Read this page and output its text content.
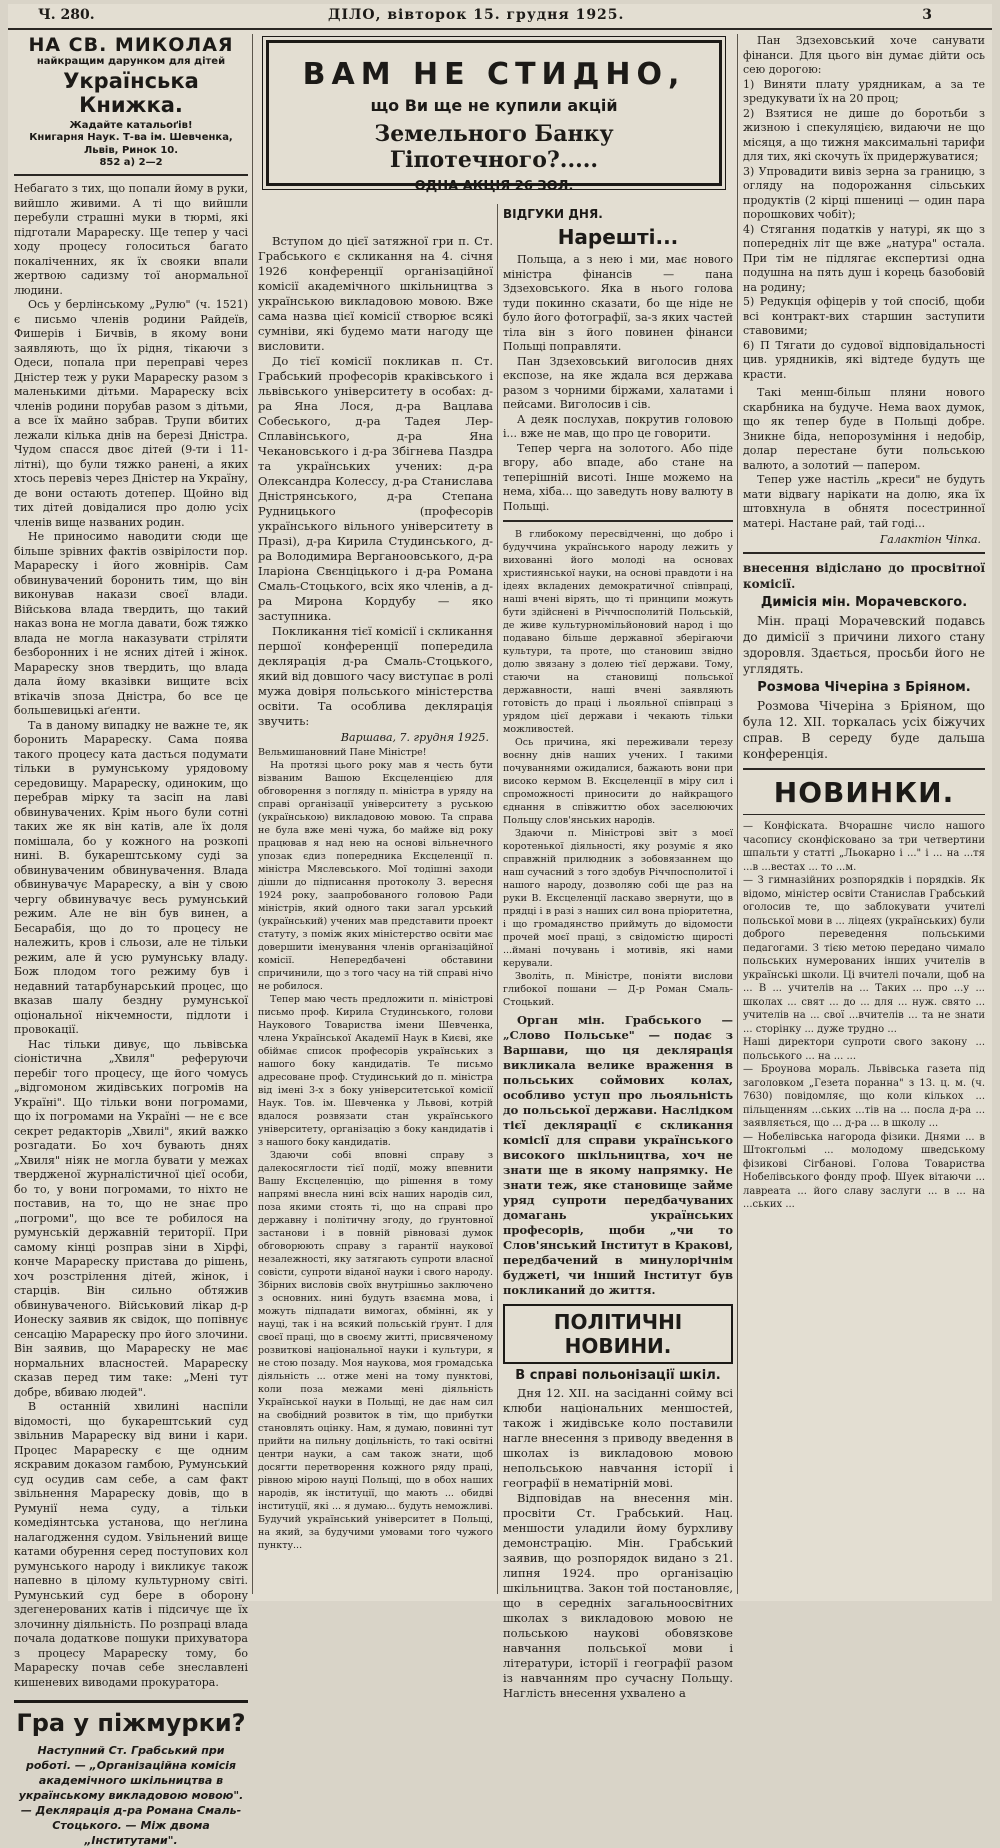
Ч. 280.	ДІЛО, вівторок 15. грудня 1925.	3
НА СВ. МИКОЛАЯ
найкращим дарунком для дітей
Українська Книжка.
Жадайте катальоґів!
Книгарня Наук. Т-ва ім. Шевченка, Львів, Ринок 10.
852 а) 2—2
Небагато з тих, що попали йому в руки, вийшло живими. А ті що вийшли перебули страшні муки в тюрмі, які підготали Марареску. Ще тепер у часі ходу процесу голоситься багато покаліченних, як їх свояки впали жертвою садизму тої анормальної людини.
Ось у берлінському „Рулю" (ч. 1521) є письмо членів родини Райдеїв, Фишерів і Бичвів, в якому вони заявляють, що їх рідня, тікаючи з Одеси, попала при переправі через Дністер теж у руки Марареску разом з маленькими дітьми. Марареску всіх членів родини порубав разом з дітьми, а все їх майно забрав. Трупи вбитих лежали кілька днів на березі Дністра. Чудом спасся двоє дітей (9-ти і 11-літні), що були тяжко ранені, а яких хтось перевіз через Дністер на Україну, де вони остають дотепер. Щойно від тих дітей довідалися про долю усіх членів вище названих родин.
Не приносимо наводити сюди ще більше зрівних фактів озвірілости пор. Марареску і його жовнірів. Сам обвинувачений боронить тим, що він виконував накази своєї влади. Військова влада твердить, що такий наказ вона не могла давати, бож тяжко влада не могла наказувати стріляти безборонних і не ясних дітей і жінок. Марареску знов твердить, що влада дала йому вказівки вищите всіх втікачів зпоза Дністра, бо все це большевицькі аґенти.
Та в даному випадку не важне те, як боронить Марареску. Сама поява такого процесу ката дасться подумати тільки в румунському урядовому середовищу. Марареску, одиноким, що перебрав мірку та засіп на лаві обвинувачених. Крім нього були сотні таких же як він катів, але їх доля помішала, бо у кожного на розкопі нині. В. букарештському суді за обвинуваченим обвинувачення. Влада обвинувачує Марареску, а він у свою чергу обвинувачує весь румунський режим. Але не він був винен, а Бесарабія, що до то процесу не належить, кров і сльози, але не тільки режим, але й усю румунську владу. Бож плодом того режиму був і недавний татарбунарський процес, що вказав шалу бездну румунської оціональної нікчемности, підлоти і провокації.
Нас тільки дивує, що львівська сіоністична „Хвиля" реферуючи перебіг того процесу, ще його чомусь „відгомоном жидівських погромів на Україні". Що тільки вони погромами, що іх погромами на Україні — не є все секрет редакторів „Хвилі", який важко розгадати. Бо хоч бувають днях „Хвиля" ніяк не могла бувати у межах твердженої журналістичної цієї особи, бо то, у вони погромами, то ніхто не поставив, на то, що не знає про „погроми", що все те робилося на румунській державній території. При самому кінці розправ зіни в Хірфі, конче Марареску пристава до рішень, хоч розстрілення дітей, жінок, і старців. Він сильно обтяжив обвинуваченого. Військовий лікар д-р Ионеску заявив як свідок, що попівнує сенсацію Марареску про його злочини. Він заявив, що Марареску не має нормальних власностей. Марареску сказав перед тим таке: „Мені тут добре, вбиваю людей".
В останній хвилині наспіли відомості, що букарештський суд звільнив Марареску від вини і кари. Процес Марареску є ще одним яскравим доказом гамбою, Румунський суд осудив сам себе, а сам факт звільнення Марареску довів, що в Румунії нема суду, а тільки комедіянтська установа, що неґлина налагодження судом. Увільнений вище катами обурення серед поступових кол румунського народу і викликує також напевно в цілому культурному світі. Румунський суд бере в оборону здегенерованих катів і підсичує ще їх злочинну діяльність. По розпраці влада почала додаткове пошуки прихуватора з процесу Марареску тому, бо Марареску почав себе знеславлені кишеневих виводами прокуратора.
Гра у піжмурки?
Наступний Ст. Грабський при роботі. — „Організаційна комісія академічного шкільництва в українському викладовою мовою". — Деклярація д-ра Романа Смаль-Стоцького. — Між двома „Інститутами".
ВАМ НЕ СТИДНО,
що Ви ще не купили акцій
Земельного Банку Гіпотечного?.....
ОДНА АКЦІЯ 26 ЗОЛ.
Вступом до цієї затяжної гри п. Ст. Грабського є скликання на 4. січня 1926 конференції організаційної комісії академічного шкільництва з українською викладовою мовою. Вже сама назва цієї комісії створює всякі сумніви, які будемо мати нагоду ще висловити.
До тієї комісії покликав п. Ст. Грабський професорів краківського і львівського університету в особах: д-ра Яна Лося, д-ра Вацлава Собеського, д-ра Тадея Лер-Сплавінського, д-ра Яна Чекановського і д-ра Збігнева Паздра та українських учених: д-ра Олександра Колессу, д-ра Станислава Дністрянського, д-ра Степана Рудницького (професорів українського вільного університету в Празі), д-ра Кирила Студинського, д-ра Володимира Верганоовського, д-ра Іларіона Свєнціцького і д-ра Романа Смаль-Стоцького, всіх яко членів, а д-ра Мирона Кордубу — яко заступника.
Покликання тієї комісії і скликання першої конференції попередила деклярація д-ра Смаль-Стоцького, який від довшого часу виступає в ролі мужа довіря польського міністерства освіти. Та особлива деклярація звучить:
Варшава, 7. грудня 1925.
Вельмишановний Пане Міністре!
На протязі цього року мав я честь бути візваним Вашою Ексцеленцією для обговорення з погляду п. міністра в уряду на справі організації університету з руською (українською) викладовою мовою. Та справа не була вже мені чужа, бо майже від року працював я над нею на основі вільнечного упозак єдиз попередника Ексцеленції п. міністра Мяслевського. Мої тодішні заходи дішли до підписання протоколу 3. вересня 1924 року, заапробованого головою Ради міністрів, який одного таки загал урський (український) учених мав представити проект статуту, з поміж яких міністерство освіти має довершити іменування членів організаційної комісії. Непередбачені обставини спричинили, що з того часу на тій справі нічо не робилося.
Тепер маю честь предложити п. міністрові письмо проф. Кирила Студинського, голови Наукового Товариства імени Шевченка, члена Української Академії Наук в Києві, яке обіймає список професорів українських з нашого боку кандидатів. Те письмо адресоване проф. Студинський до п. міністра від імені 3-х з боку університетської комісії Наук. Тов. ім. Шевченка у Львові, котрій вдалося розвязати стан українського університету, організацію з боку кандидатів і з нашого боку кандидатів.
Здаючи собі вповні справу з далекосяглости тієї події, можу впевнити Вашу Ексцеленцію, що рішення в тому напрямі внесла нині всіх наших народів сил, поза якими стоять ті, що на справі про державну і політичну згоду, до ґрунтовної застанови і в повній рівновазі думок обговорюють справу з гарантії наукової незалежності, яку затягають супроти власної совісти, супроти віданої науки і свого народу. Збірних висловів своїх внутрішньо заключено з основних. нині будуть взаємна мова, і можуть підпадати вимогах, обмінні, як у науці, так і на всякий польській ґрунт. І для своєї праці, що в своєму житті, присвяченому розвиткові національної науки і культури, я не стою позаду. Моя наукова, моя громадська діяльність ... отже мені на тому пунктові, коли поза межами мені діяльність Української науки в Польщі, не дає нам сил на свобідний розвиток в тім, що прибутки становлять оцінку. Нам, я думаю, повинні тут прийти на пильну доцільність, то такі освітні центри науки, а сам також знати, щоб досягти перетворення кожного ряду праці, рівною мірою науці Польщі, що в обох наших народів, як інституції, що мають ... обидві інституції, які ... я думаю... будуть неможливі. Будучий український університет в Польщі, на який, за будучими умовами того чужого пункту...
ВІДГУКИ ДНЯ.
Нарешті...
Польща, а з нею і ми, має нового міністра фінансів — пана Здзеховського. Яка в нього голова туди покинно сказати, бо ще ніде не було його фотографії, за-з яких частей тіла він з його повинен фінанси Польщі поправляти.
Пан Здзеховський виголосив днях експозе, на яке ждала вся держава разом з чорними біржами, халатами і пейсами. Виголосив і сів.
А деяк послухав, покрутив головою і... вже не мав, що про це говорити.
Тепер черга на золотого. Або піде вгору, або впаде, або стане на теперішній висоті. Інше можемо на нема, хіба... що заведуть нову валюту в Польщі.
В глибокому пересвідченні, що добро і будуччина українського народу лежить у вихованні його молоді на основах християнської науки, на основі правдоти і на ідеях вкладених демократичної співпраці, наші вчені вірять, що ті принципи можуть бути здійснені в Річчпосполитій Польській, де живе культурномільйоновий народ і що подавано більше державної зберігаючи культури, та проте, що становиш звідно долю звязану з долею тієї держави. Тому, стаючи на становищі польської державности, наші вчені заявляють готовість до праці і льояльної співпраці з урядом цієї держави і чекають тільки можливостей.
Ось причина, які переживали терезу воєнну днів наших учених. І такими почуваннями ожидалися, бажають вони при високо кермом В. Ексцеленції в міру сил і спроможності приносити до найкращого єднання в співжиттю обох заселюючих Польщу слов'янських народів.
Здаючи п. Міністрові звіт з моєї коротенької діяльності, яку розуміє я яко справжній прилюдник з зобовязаннем що наш сучасний з того здобув Річчпосполитої і нашого народу, дозволяю собі ще раз на руки В. Ексцеленції ласкаво звернути, що в прядці і в разі з наших сил вона пріоритетна, і що громадянство приймуть до відомости прочей моєї праці, з свідомістю щирості ...ймані почувань і мотивів, які нами керували.
Зволіть, п. Міністре, поніяти вислови глибокої пошани — Д-р Роман Смаль-Стоцький.
Орган мін. Грабського — „Слово Польське" — подає з Варшави, що ця деклярація викликала велике враження в польських соймових колах, особливо уступ про льояльність до польської держави. Наслідком тієї деклярації є скликання комісії для справи українського високого шкільництва, хоч не знати ще в якому напрямку. Не знати теж, яке становище займе уряд супроти передбачуваних домагань українських професорів, щоби „чи то Слов'янський Інститут в Кракові, передбачений в минулорічнім буджеті, чи інший Інститут був покликаний до життя.
ПОЛІТИЧНІ НОВИНИ.
В справі польонізації шкіл.
Дня 12. XII. на засіданні сойму всі клюби національних меншостей, також і жидівське коло поставили наглe внесення з приводу введення в школах із викладовою мовою непольською навчання історії і географії в нематірній мові.
Відповідав на внесення мін. просвіти Ст. Грабський. Нац. меншости уладили йому бурхливу демонстрацію. Мін. Грабський заявив, що розпорядок видано з 21. липня 1924. про організацію шкільництва. Закон той постановляє, що в середніх загальноосвітних школах з викладовою мовою не польською наукові обовязкове навчання польської мови і літератури, історії і географії разом із навчанням про сучасну Польщу. Наглість внесення ухвалено а
Пан Здзеховський хоче санувати фінанси. Для цього він думає дійти ось сею дорогою:
1) Виняти плату урядникам, а за те зредукувати їх на 20 проц;
2) Взятися не дише до боротьби з жизною і спекуляцією, видаючи не що місяця, а що тижня максимальні тарифи для тих, які скочуть їх придержуватися;
3) Упровадити вивіз зерна за границю, з огляду на подорожання сільських продуктів (2 кірці пшениці — один пара порошкових чобіт);
4) Стягання податків у натурі, як що з попередніх літ ще вже „натура" осталa. При тім не підлягає експертизі одна подушна на пять душ і корець базобовій на родину;
5) Редукція офіцерів у той спосіб, щоби всі контракт-вих старшин заступити ставовими;
6) П Тягати до судової відповідальності цив. урядників, які відтеде будуть ще красти.
Такі менш-більш пляни нового скарбника на будуче. Нема ваох думок, що як тепер буде в Польщі добре. Зникне біда, непорозуміння і недобір, долар перестане бути польською валюто, а золотий — папером.
Тепер уже настіль „креси" не будуть мати відвагу нарікати на долю, яка їх штовхнула в обнятя посестринної матері. Настане рай, тай годі...
Галактіон Чіпка.
внесення відіслано до просвітної комісії.
Димісія мін. Морачевского.
Мін. праці Морачевский подавсь до димісії з причини лихого стану здоровля. Здається, просьби його не углядять.
Розмова Чічеріна з Бріяном.
Розмова Чічеріна з Бріяном, що була 12. XII. торкалась усіх біжучих справ. В середу буде дальша конференція.
НОВИНКИ.
— Конфіската. Вчорашнє число нашого часопису сконфісковано за три четвертини шпальти у статті „Льокарно і ..." і ... на ...тя ...в ...вестах ... то ...м.
— З гимназійних розпорядків і порядків. Як відомо, міністер освіти Станислав Грабський оголосив те, що заблокувати учителі польської мови в ... ліцеях (українських) були доброго переведення польськими педагогами. З тією метою передано чимало польських нумерованих інших учителів в українські школи. Ці вчителі почали, щоб на ... В ... учителів на ... Таких ... про ...у ... школах ... свят ... до ... для ... нуж. свято ... учителів на ... свої ...вчителів ... та не знати ... сторінку ... дуже трудно ...
Наші директори супроти свого закону ... польського ... на ... ...
— Броунова мораль. Львівська газета під заголовком „Гезета поранна" з 13. ц. м. (ч. 7630) повідомляє, що коли кількох ... пільщенням ...ських ...тів на ... посла д-ра ... заявляється, що ... д-ра ... в школу ...
— Нобелівська нагорода фізики. Днями ... в Штокгольмі ... молодому шведському фізикові Сігбанові. Голова Товариства Нобелівського фонду проф. Шуек вітаючи ... лавреата ... його славу заслуги ... в ... на ...ських ...
